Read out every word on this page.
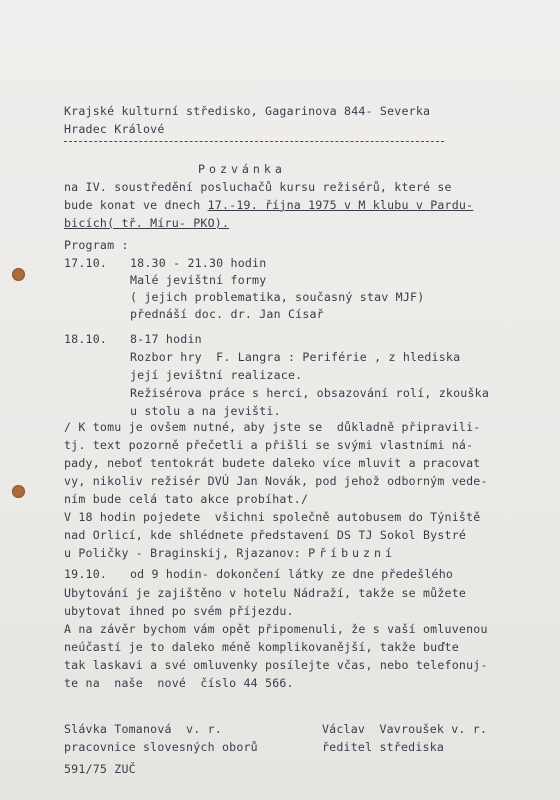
Krajské kulturní středisko, Gagarinova 844- Severka
Hradec Králové
Pozvánka
na IV. soustředění posluchačů kursu režisérů, které se
bude konat ve dnech 17.-19. října 1975 v M klubu v Pardu-
bicích( tř. Míru- PKO).
Program :
17.10. 18.30 - 21.30 hodin
Malé jevištní formy
( jejich problematika, současný stav MJF)
přednáší doc. dr. Jan Císař
18.10. 8-17 hodin
Rozbor hry  F. Langra : Periférie , z hlediska
její jevištní realizace.
Režisérova práce s herci, obsazování rolí, zkouška
u stolu a na jevišti.
/ K tomu je ovšem nutné, aby jste se  důkladně připravili-
tj. text pozorně přečetli a přišli se svými vlastními ná-
pady, neboť tentokrát budete daleko více mluvit a pracovat
vy, nikoliv režisér DVÚ Jan Novák, pod jehož odborným vede-
ním bude celá tato akce probíhat./
V 18 hodin pojedete  všichni společně autobusem do Týniště
nad Orlicí, kde shlédnete představení DS TJ Sokol Bystré
u Poličky - Braginskij, Rjazanov: Příbuzní
19.10. od 9 hodin- dokončení látky ze dne předešlého
Ubytování je zajištěno v hotelu Nádraží, takže se můžete
ubytovat ihned po svém příjezdu.
A na závěr bychom vám opět připomenuli, že s vaší omluvenou
neúčastí je to daleko méně komplikovanější, takže buďte
tak laskavi a své omluvenky posílejte včas, nebo telefonuj-
te na  naše  nové  číslo 44 566.
Slávka Tomanová  v. r.
pracovnice slovesných oborů
Václav  Vavroušek v. r.
ředitel střediska
591/75 ZUČ
